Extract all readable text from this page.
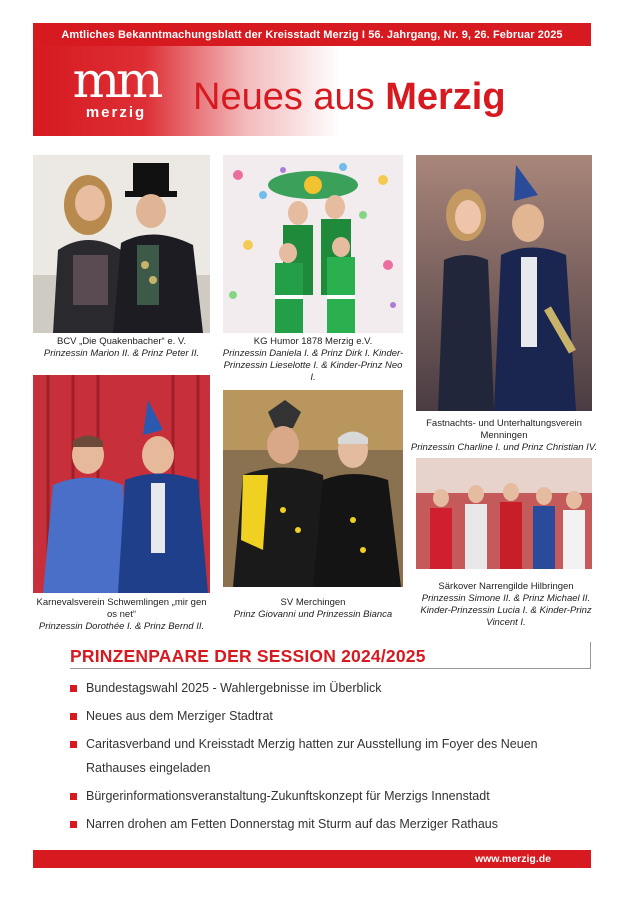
Amtliches Bekanntmachungsblatt der Kreisstadt Merzig I 56. Jahrgang, Nr. 9, 26. Februar 2025
mm
merzig	Neues aus Merzig
BCV „Die Quakenbacher“ e. V.
Prinzessin Marion II. & Prinz Peter II.
KG Humor 1878 Merzig e.V.
Prinzessin Daniela I. & Prinz Dirk I. Kinder-Prinzessin Lieselotte I. & Kinder-Prinz Neo I.
Fastnachts- und Unterhaltungsverein Menningen
Prinzessin Charline I. und Prinz Christian IV.
Karnevalsverein Schwemlingen „mir gen os net“
Prinzessin Dorothée I. & Prinz Bernd II.
SV Merchingen
Prinz Giovanni und Prinzessin Bianca
Särkover Narrengilde Hilbringen
Prinzessin Simone II. & Prinz Michael II. Kinder-Prinzessin Lucia I. & Kinder-Prinz Vincent I.
PRINZENPAARE DER SESSION 2024/2025
Bundestagswahl 2025 - Wahlergebnisse im Überblick
Neues aus dem Merziger Stadtrat
Caritasverband und Kreisstadt Merzig hatten zur Ausstellung im Foyer des Neuen Rathauses eingeladen
Bürgerinformationsveranstaltung-Zukunftskonzept für Merzigs Innenstadt
Narren drohen am Fetten Donnerstag mit Sturm auf das Merziger Rathaus
www.merzig.de
